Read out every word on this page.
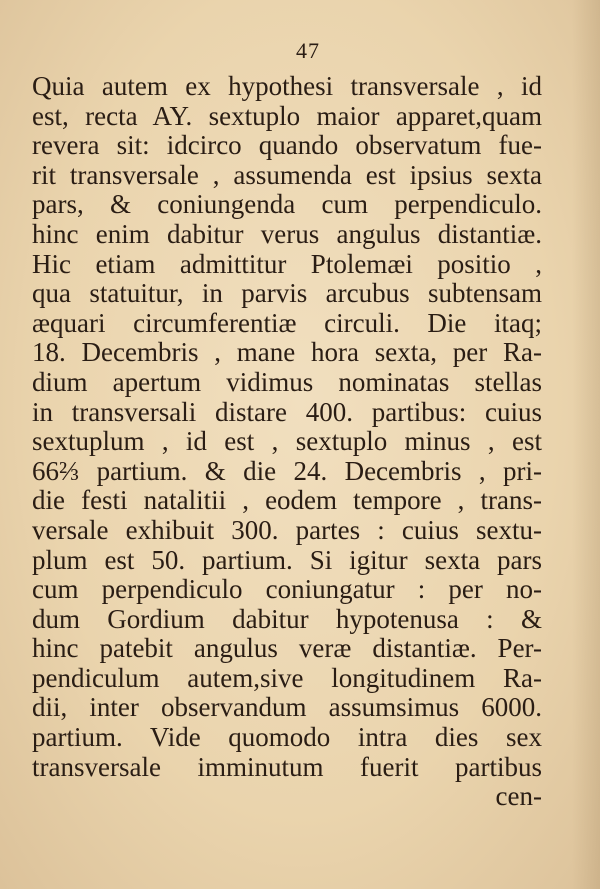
47
Quia autem ex hypothesi transversale , id
est, recta AY. sextuplo maior apparet,quam
revera sit: idcirco quando observatum fue-
rit transversale , assumenda est ipsius sexta
pars, & coniungenda cum perpendiculo.
hinc enim dabitur verus angulus distantiæ.
Hic etiam admittitur Ptolemæi positio ,
qua statuitur, in parvis arcubus subtensam
æquari circumferentiæ circuli. Die itaq;
18. Decembris , mane hora sexta, per Ra-
dium apertum vidimus nominatas stellas
in transversali distare 400. partibus: cuius
sextuplum , id est , sextuplo minus , est
66⅔ partium. & die 24. Decembris , pri-
die festi natalitii , eodem tempore , trans-
versale exhibuit 300. partes : cuius sextu-
plum est 50. partium. Si igitur sexta pars
cum perpendiculo coniungatur : per no-
dum Gordium dabitur hypotenusa : &
hinc patebit angulus veræ distantiæ. Per-
pendiculum autem,sive longitudinem Ra-
dii, inter observandum assumsimus 6000.
partium. Vide quomodo intra dies sex
transversale imminutum fuerit partibus
cen-
